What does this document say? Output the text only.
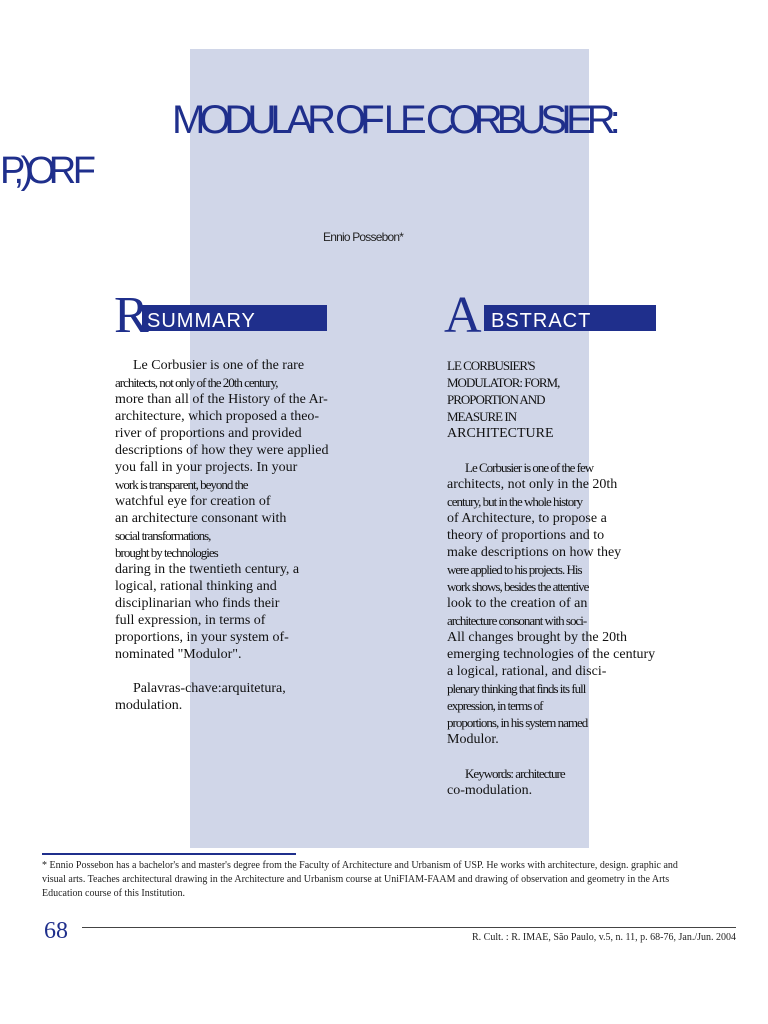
MODULAR OF LE CORBUSIER:
P, )OR F
Ennio Possebon*
R
SUMMARY	A BSTRACT
Le Corbusier is one of the rare
architects, not only of the 20th century,
more than all of the History of the Ar-
architecture, which proposed a theo-
river of proportions and provided
descriptions of how they were applied
you fall in your projects. In your
work is transparent, beyond the
watchful eye for creation of
an architecture consonant with
social transformations,
brought by technologies
daring in the twentieth century, a
logical, rational thinking and
disciplinarian who finds their
full expression, in terms of
proportions, in your system of-
nominated "Modulor".
Palavras-chave:arquitetura,
modulation.
LE CORBUSIER'S
MODULATOR: FORM,
PROPORTION AND
MEASURE IN
ARCHITECTURE
Le Corbusier is one of the few
architects, not only in the 20th
century, but in the whole history
of Architecture, to propose a
theory of proportions and to
make descriptions on how they
were applied to his projects. His
work shows, besides the attentive
look to the creation of an
architecture consonant with soci-
All changes brought by the 20th
emerging technologies of the century
a logical, rational, and disci-
plenary thinking that finds its full
expression, in terms of
proportions, in his system named
Modulor.
Keywords: architecture
co-modulation.
* Ennio Possebon has a bachelor's and master's degree from the Faculty of Architecture and Urbanism of USP. He works with architecture, design. graphic and visual arts. Teaches architectural drawing in the Architecture and Urbanism course at UniFIAM-FAAM and drawing of observation and geometry in the Arts Education course of this Institution.
68	R. Cult. : R. IMAE, São Paulo, v.5, n. 11, p. 68-76, Jan./Jun. 2004
